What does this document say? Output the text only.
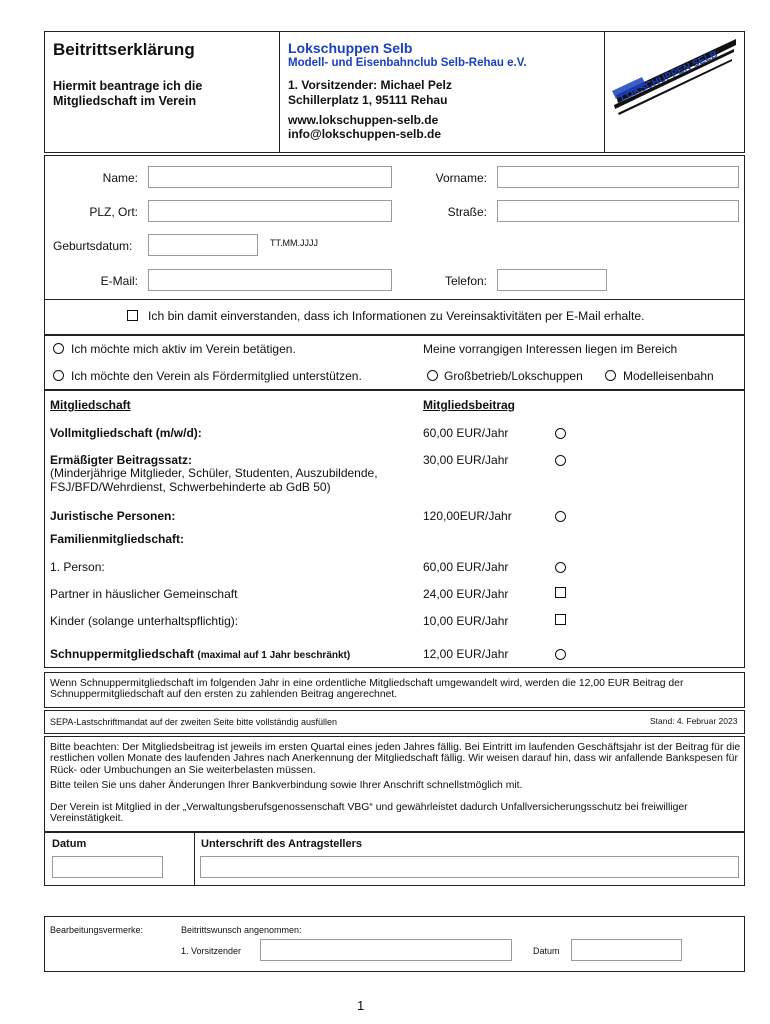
Beitrittserklärung
Hiermit beantrage ich die
Mitgliedschaft im Verein
Lokschuppen Selb
Modell- und Eisenbahnclub Selb-Rehau e.V.
1. Vorsitzender: Michael Pelz
Schillerplatz 1, 95111 Rehau
www.lokschuppen-selb.de
info@lokschuppen-selb.de
LOKSCHUPPEN SELB
Name:	Vorname:
PLZ, Ort:	Straße:
Geburtsdatum:	TT.MM.JJJJ
E-Mail:	Telefon:
Ich bin damit einverstanden, dass ich Informationen zu Vereinsaktivitäten per E-Mail erhalte.
Ich möchte mich aktiv im Verein betätigen.	Meine vorrangigen Interessen liegen im Bereich
Ich möchte den Verein als Fördermitglied unterstützen.	Großbetrieb/Lokschuppen	Modelleisenbahn
Mitgliedschaft	Mitgliedsbeitrag
Vollmitgliedschaft (m/w/d):	60,00 EUR/Jahr
Ermäßigter Beitragssatz:
(Minderjährige Mitglieder, Schüler, Studenten, Auszubildende,
FSJ/BFD/Wehrdienst, Schwerbehinderte ab GdB 50)
30,00 EUR/Jahr
Juristische Personen:	120,00EUR/Jahr
Familienmitgliedschaft:
1. Person:	60,00 EUR/Jahr
Partner in häuslicher Gemeinschaft	24,00 EUR/Jahr
Kinder (solange unterhaltspflichtig):	10,00 EUR/Jahr
Schnuppermitgliedschaft (maximal auf 1 Jahr beschränkt)	12,00 EUR/Jahr
Wenn Schnuppermitgliedschaft im folgenden Jahr in eine ordentliche Mitgliedschaft umgewandelt wird, werden die 12,00 EUR Beitrag der Schnuppermitgliedschaft auf den ersten zu zahlenden Beitrag angerechnet.
SEPA-Lastschriftmandat auf der zweiten Seite bitte vollständig ausfüllen	Stand: 4. Februar 2023
Bitte beachten: Der Mitgliedsbeitrag ist jeweils im ersten Quartal eines jeden Jahres fällig. Bei Eintritt im laufenden Geschäftsjahr ist der Beitrag für die restlichen vollen Monate des laufenden Jahres nach Anerkennung der Mitgliedschaft fällig. Wir weisen darauf hin, dass wir anfallende Bankspesen für Rück- oder Umbuchungen an Sie weiterbelasten müssen.
Bitte teilen Sie uns daher Änderungen Ihrer Bankverbindung sowie Ihrer Anschrift schnellstmöglich mit.
Der Verein ist Mitglied in der „Verwaltungsberufsgenossenschaft VBG“ und gewährleistet dadurch Unfallversicherungsschutz bei freiwilliger Vereinstätigkeit.
Datum	Unterschrift des Antragstellers
Bearbeitungsvermerke:	Beitrittswunsch angenommen:
1. Vorsitzender	Datum
1
